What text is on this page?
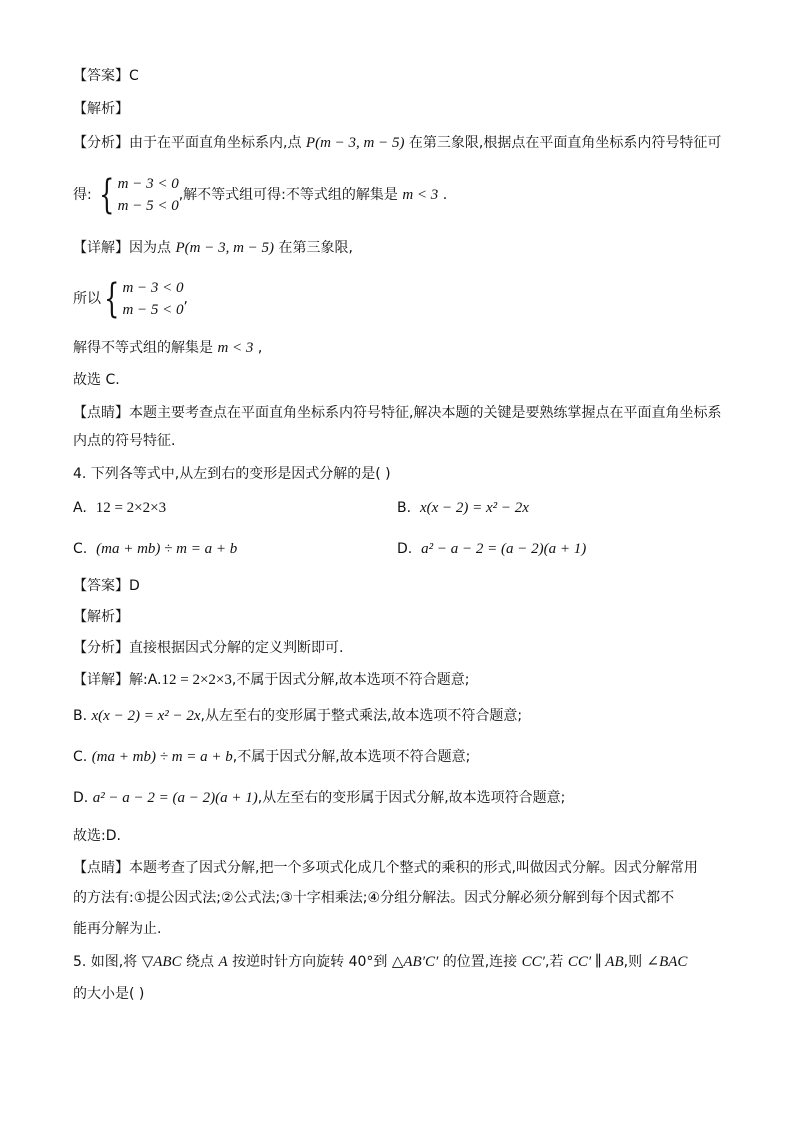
【答案】C
【解析】
【分析】由于在平面直角坐标系内,点 P(m − 3, m − 5) 在第三象限,根据点在平面直角坐标系内符号特征可
得: { m − 3 < 0
m − 5 < 0
,解不等式组可得:不等式组的解集是 m < 3 .
【详解】因为点 P(m − 3, m − 5) 在第三象限,
所以 { m − 3 < 0
m − 5 < 0
,
解得不等式组的解集是 m < 3 ,
故选 C.
【点睛】本题主要考查点在平面直角坐标系内符号特征,解决本题的关键是要熟练掌握点在平面直角坐标系
内点的符号特征.
4. 下列各等式中,从左到右的变形是因式分解的是( )
A. 12 = 2×2×3	B. x(x − 2) = x² − 2x
C. (ma + mb) ÷ m = a + b	D. a² − a − 2 = (a − 2)(a + 1)
【答案】D
【解析】
【分析】直接根据因式分解的定义判断即可.
【详解】解:A.12 = 2×2×3,不属于因式分解,故本选项不符合题意;
B. x(x − 2) = x² − 2x,从左至右的变形属于整式乘法,故本选项不符合题意;
C. (ma + mb) ÷ m = a + b,不属于因式分解,故本选项不符合题意;
D. a² − a − 2 = (a − 2)(a + 1),从左至右的变形属于因式分解,故本选项符合题意;
故选:D.
【点睛】本题考查了因式分解,把一个多项式化成几个整式的乘积的形式,叫做因式分解。因式分解常用
的方法有:①提公因式法;②公式法;③十字相乘法;④分组分解法。因式分解必须分解到每个因式都不
能再分解为止.
5. 如图,将 ▽ABC 绕点 A 按逆时针方向旋转 40°到 △AB′C′ 的位置,连接 CC′,若 CC′ ∥ AB,则 ∠BAC
的大小是( )
